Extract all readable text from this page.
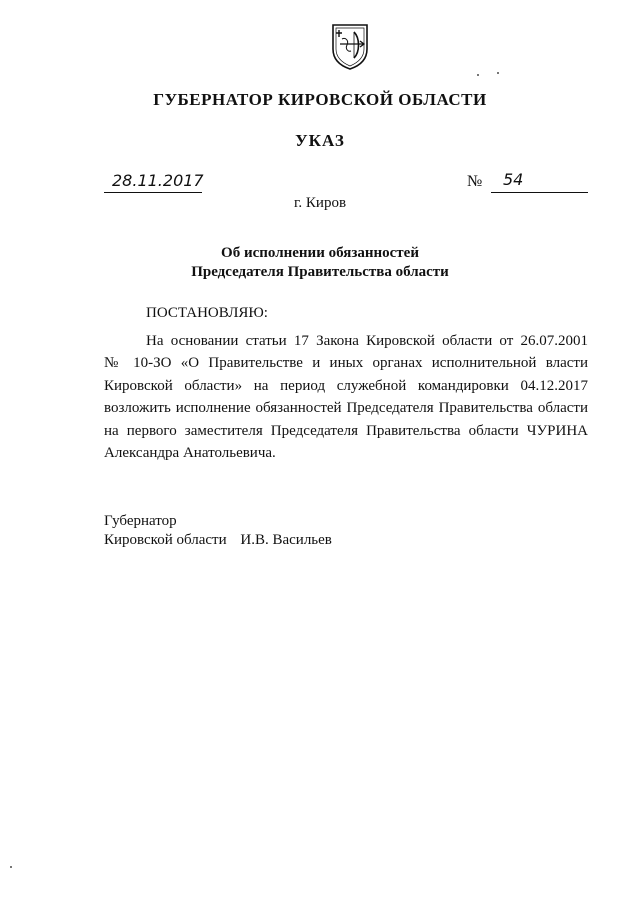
ГУБЕРНАТОР КИРОВСКОЙ ОБЛАСТИ
УКАЗ
28.11.2017	№ 54
г. Киров
Об исполнении обязанностей
Председателя Правительства области
ПОСТАНОВЛЯЮ:
На основании статьи 17 Закона Кировской области от 26.07.2001
№ 10-ЗО «О Правительстве и иных органах исполнительной власти
Кировской области» на период служебной командировки 04.12.2017
возложить исполнение обязанностей Председателя Правительства области
на первого заместителя Председателя Правительства области ЧУРИНА
Александра Анатольевича.
Губернатор
Кировской области И.В. Васильев
